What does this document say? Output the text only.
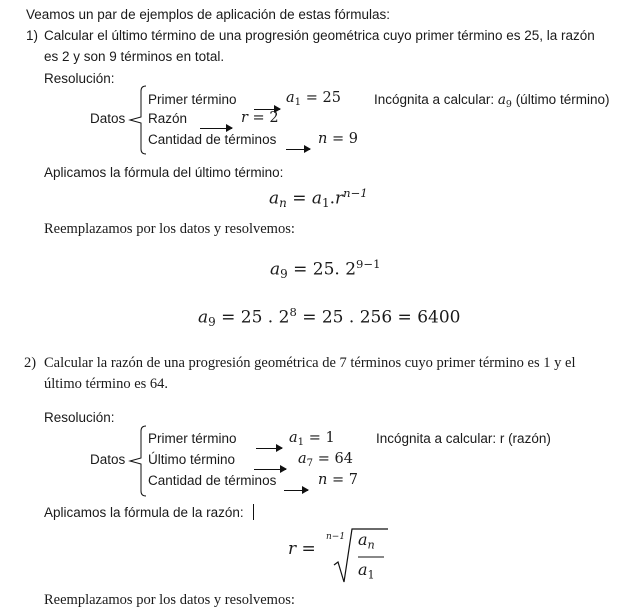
Veamos un par de ejemplos de aplicación de estas fórmulas:
1) Calcular el último término de una progresión geométrica cuyo primer término es 25, la razón
es 2 y son 9 términos en total.
Resolución:
Datos
Primer término	$a_1 = 25$
Razón	r = 2
Cantidad de términos	n = 9
Incógnita a calcular: $a_9$ (último término)
Aplicamos la fórmula del último término:
$a_n = a_1.r^{n-1}$
Reemplazamos por los datos y resolvemos:
$a_9 = 25$. $2^{9-1}$
$a_9 = 25$ . $2^8 = 25$ . 256 = 6400
2) Calcular la razón de una progresión geométrica de 7 términos cuyo primer término es 1 y el
último término es 64.
Resolución:
Datos
Primer término	$a_1 = 1$
Último término	$a_7 = 64$
Cantidad de términos	n = 7
Incógnita a calcular: r (razón)
Aplicamos la fórmula de la razón:
r =
n−1 $a_n$
$a_1$
Reemplazamos por los datos y resolvemos:
